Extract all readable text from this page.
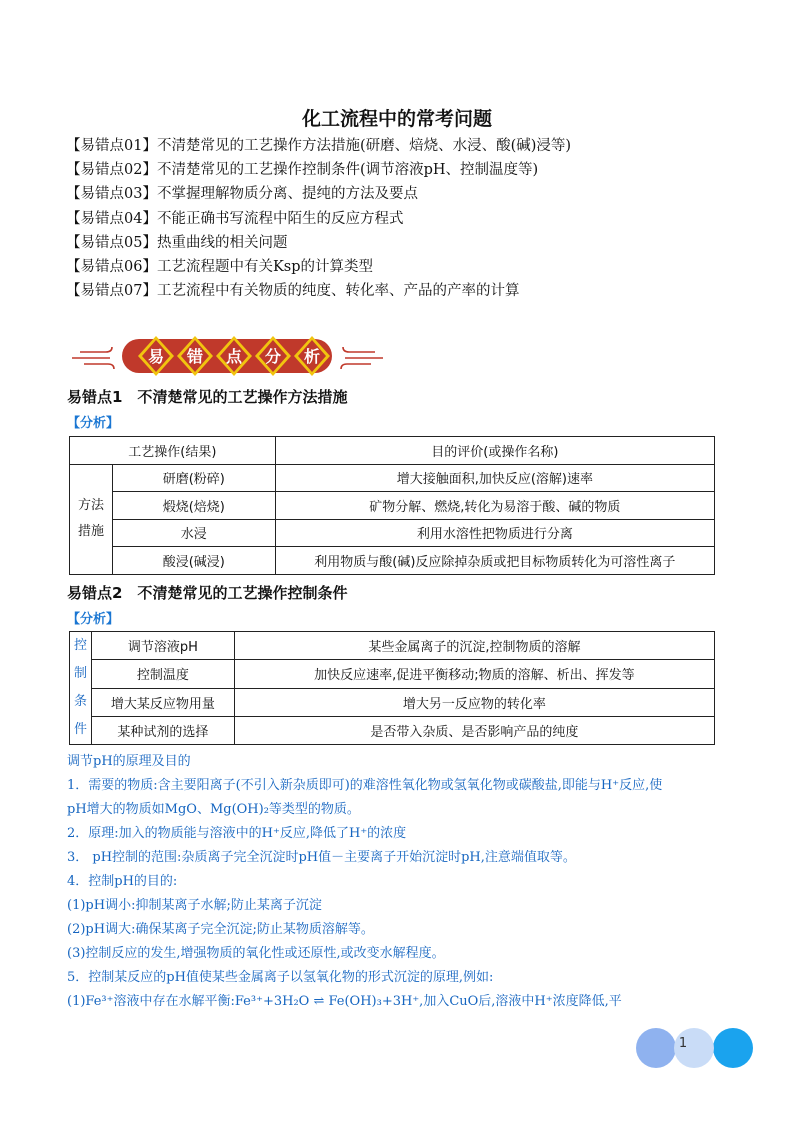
化工流程中的常考问题
【易错点01】不清楚常见的工艺操作方法措施(研磨、焙烧、水浸、酸(碱)浸等)
【易错点02】不清楚常见的工艺操作控制条件(调节溶液pH、控制温度等)
【易错点03】不掌握理解物质分离、提纯的方法及要点
【易错点04】不能正确书写流程中陌生的反应方程式
【易错点05】热重曲线的相关问题
【易错点06】工艺流程题中有关Ksp的计算类型
【易错点07】工艺流程中有关物质的纯度、转化率、产品的产率的计算
易 错 点 分 析
易错点1　不清楚常见的工艺操作方法措施
【分析】
工艺操作(结果)		目的评价(或操作名称)

方法
措施	研磨(粉碎)	增大接触面积,加快反应(溶解)速率
	煅烧(焙烧)	矿物分解、燃烧,转化为易溶于酸、碱的物质
	水浸	利用水溶性把物质进行分离
	酸浸(碱浸)	利用物质与酸(碱)反应除掉杂质或把目标物质转化为可溶性离子
易错点2　不清楚常见的工艺操作控制条件
【分析】
控
制
条
件	调节溶液pH	某些金属离子的沉淀,控制物质的溶解
	控制温度	加快反应速率,促进平衡移动;物质的溶解、析出、挥发等
	增大某反应物用量	增大另一反应物的转化率
	某种试剂的选择	是否带入杂质、是否影响产品的纯度
调节pH的原理及目的
1．需要的物质:含主要阳离子(不引入新杂质即可)的难溶性氧化物或氢氧化物或碳酸盐,即能与H⁺反应,使
pH增大的物质如MgO、Mg(OH)₂等类型的物质。
2．原理:加入的物质能与溶液中的H⁺反应,降低了H⁺的浓度
3． pH控制的范围:杂质离子完全沉淀时pH值－主要离子开始沉淀时pH,注意端值取等。
4．控制pH的目的:
(1)pH调小:抑制某离子水解;防止某离子沉淀
(2)pH调大:确保某离子完全沉淀;防止某物质溶解等。
(3)控制反应的发生,增强物质的氧化性或还原性,或改变水解程度。
5．控制某反应的pH值使某些金属离子以氢氧化物的形式沉淀的原理,例如:
(1)Fe³⁺溶液中存在水解平衡:Fe³⁺+3H₂O ⇌ Fe(OH)₃+3H⁺,加入CuO后,溶液中H⁺浓度降低,平
1
